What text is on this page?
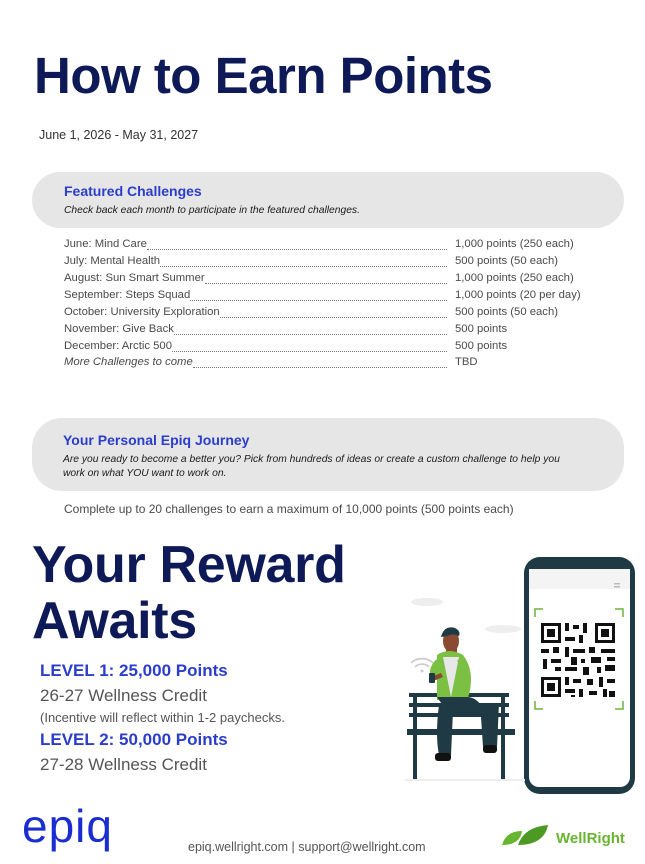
How to Earn Points
June 1, 2026 - May 31, 2027
Featured Challenges
Check back each month to participate in the featured challenges.
June: Mind Care	1,000 points (250 each)
July: Mental Health	500 points (50 each)
August: Sun Smart Summer	1,000 points (250 each)
September: Steps Squad	1,000 points (20 per day)
October: University Exploration	500 points (50 each)
November: Give Back	500 points
December: Arctic 500	500 points
More Challenges to come	TBD
Your Personal Epiq Journey
Are you ready to become a better you? Pick from hundreds of ideas or create a custom challenge to help you work on what YOU want to work on.
Complete up to 20 challenges to earn a maximum of 10,000 points (500 points each)
Your Reward
Awaits
LEVEL 1: 25,000 Points
26-27 Wellness Credit
(Incentive will reflect within 1-2 paychecks.
LEVEL 2: 50,000 Points
27-28 Wellness Credit
epiq	epiq.wellright.com | support@wellright.com	WellRight
